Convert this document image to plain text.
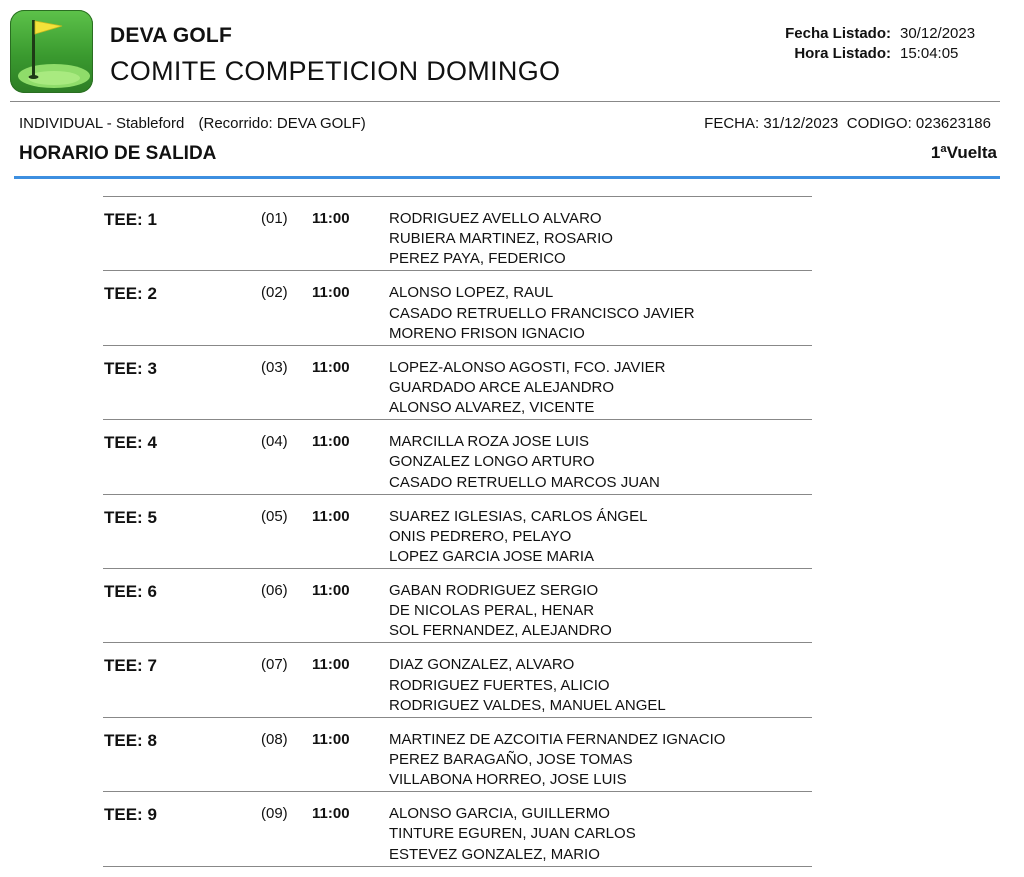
DEVA GOLF
COMITE COMPETICION DOMINGO
Fecha Listado: 30/12/2023
Hora Listado: 15:04:05
INDIVIDUAL - Stableford (Recorrido: DEVA GOLF)	FECHA: 31/12/2023  CODIGO: 023623186
HORARIO DE SALIDA	1ªVuelta
TEE: 1	(01) 11:00	RODRIGUEZ AVELLO ALVARO
RUBIERA MARTINEZ, ROSARIO
PEREZ PAYA, FEDERICO
TEE: 2	(02) 11:00	ALONSO LOPEZ, RAUL
CASADO RETRUELLO FRANCISCO JAVIER
MORENO FRISON IGNACIO
TEE: 3	(03) 11:00	LOPEZ-ALONSO AGOSTI, FCO. JAVIER
GUARDADO ARCE ALEJANDRO
ALONSO ALVAREZ, VICENTE
TEE: 4	(04) 11:00	MARCILLA ROZA JOSE LUIS
GONZALEZ LONGO ARTURO
CASADO RETRUELLO MARCOS JUAN
TEE: 5	(05) 11:00	SUAREZ IGLESIAS, CARLOS ÁNGEL
ONIS PEDRERO, PELAYO
LOPEZ GARCIA JOSE MARIA
TEE: 6	(06) 11:00	GABAN RODRIGUEZ SERGIO
DE NICOLAS PERAL, HENAR
SOL FERNANDEZ, ALEJANDRO
TEE: 7	(07) 11:00	DIAZ GONZALEZ, ALVARO
RODRIGUEZ FUERTES, ALICIO
RODRIGUEZ VALDES, MANUEL ANGEL
TEE: 8	(08) 11:00	MARTINEZ DE AZCOITIA FERNANDEZ IGNACIO
PEREZ BARAGAÑO, JOSE TOMAS
VILLABONA HORREO, JOSE LUIS
TEE: 9	(09) 11:00	ALONSO GARCIA, GUILLERMO
TINTURE EGUREN, JUAN CARLOS
ESTEVEZ GONZALEZ, MARIO
